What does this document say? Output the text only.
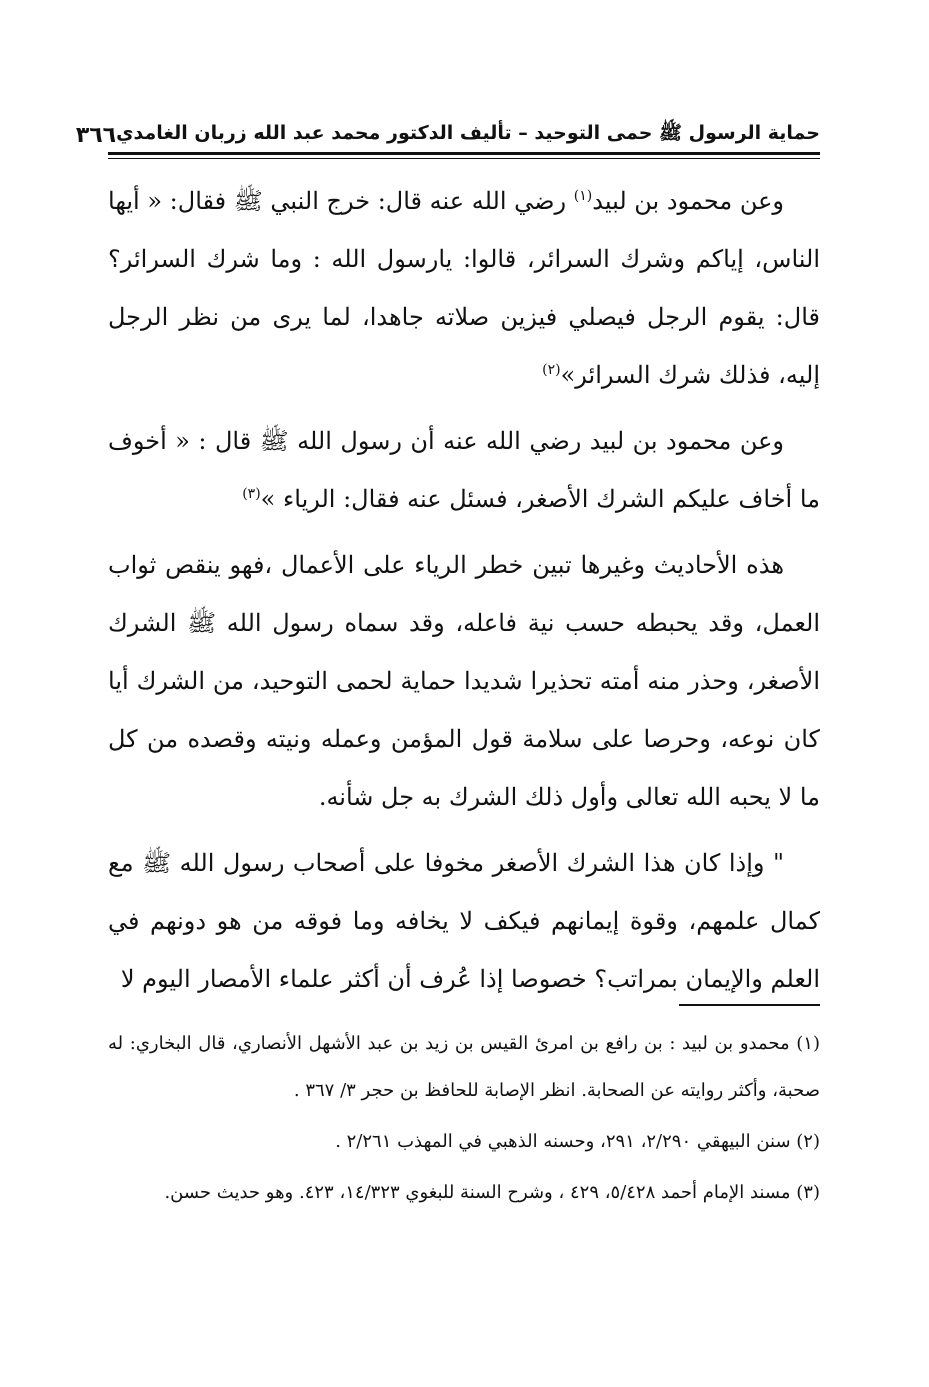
حماية الرسول ﷺ حمى التوحيد – تأليف الدكتور محمد عبد الله زربان الغامدي
٣٦٦

وعن محمود بن لبيد$^{(١)}$ رضي الله عنه قال: خرج النبي ﷺ فقال: « أيها الناس، إياكم وشرك السرائر، قالوا: يارسول الله : وما شرك السرائر؟ قال: يقوم الرجل فيصلي فيزين صلاته جاهدا، لما يرى من نظر الرجل إليه، فذلك شرك السرائر»$^{(٢)}$

وعن محمود بن لبيد رضي الله عنه أن رسول الله ﷺ قال : « أخوف ما أخاف عليكم الشرك الأصغر، فسئل عنه فقال: الرياء »$^{(٣)}$

هذه الأحاديث وغيرها تبين خطر الرياء على الأعمال ،فهو ينقص ثواب العمل، وقد يحبطه حسب نية فاعله، وقد سماه رسول الله ﷺ الشرك الأصغر، وحذر منه أمته تحذيرا شديدا حماية لحمى التوحيد، من الشرك أيا كان نوعه، وحرصا على سلامة قول المؤمن وعمله ونيته وقصده من كل ما لا يحبه الله تعالى وأول ذلك الشرك به جل شأنه.

" وإذا كان هذا الشرك الأصغر مخوفا على أصحاب رسول الله ﷺ مع كمال علمهم، وقوة إيمانهم فيكف لا يخافه وما فوقه من هو دونهم في العلم والإيمان بمراتب؟ خصوصا إذا عُرف أن أكثر علماء الأمصار اليوم لا

(١) محمدو بن لبيد : بن رافع بن امرئ القيس بن زيد بن عبد الأشهل الأنصاري، قال البخاري: له صحبة، وأكثر روايته عن الصحابة. انظر الإصابة للحافظ بن حجر ٣/ ٣٦٧ .

(٢) سنن البيهقي ٢/٢٩٠، ٢٩١، وحسنه الذهبي في المهذب ٢/٢٦١ .

(٣) مسند الإمام أحمد ٥/٤٢٨، ٤٢٩ ، وشرح السنة للبغوي ١٤/٣٢٣، ٤٢٣. وهو حديث حسن.
